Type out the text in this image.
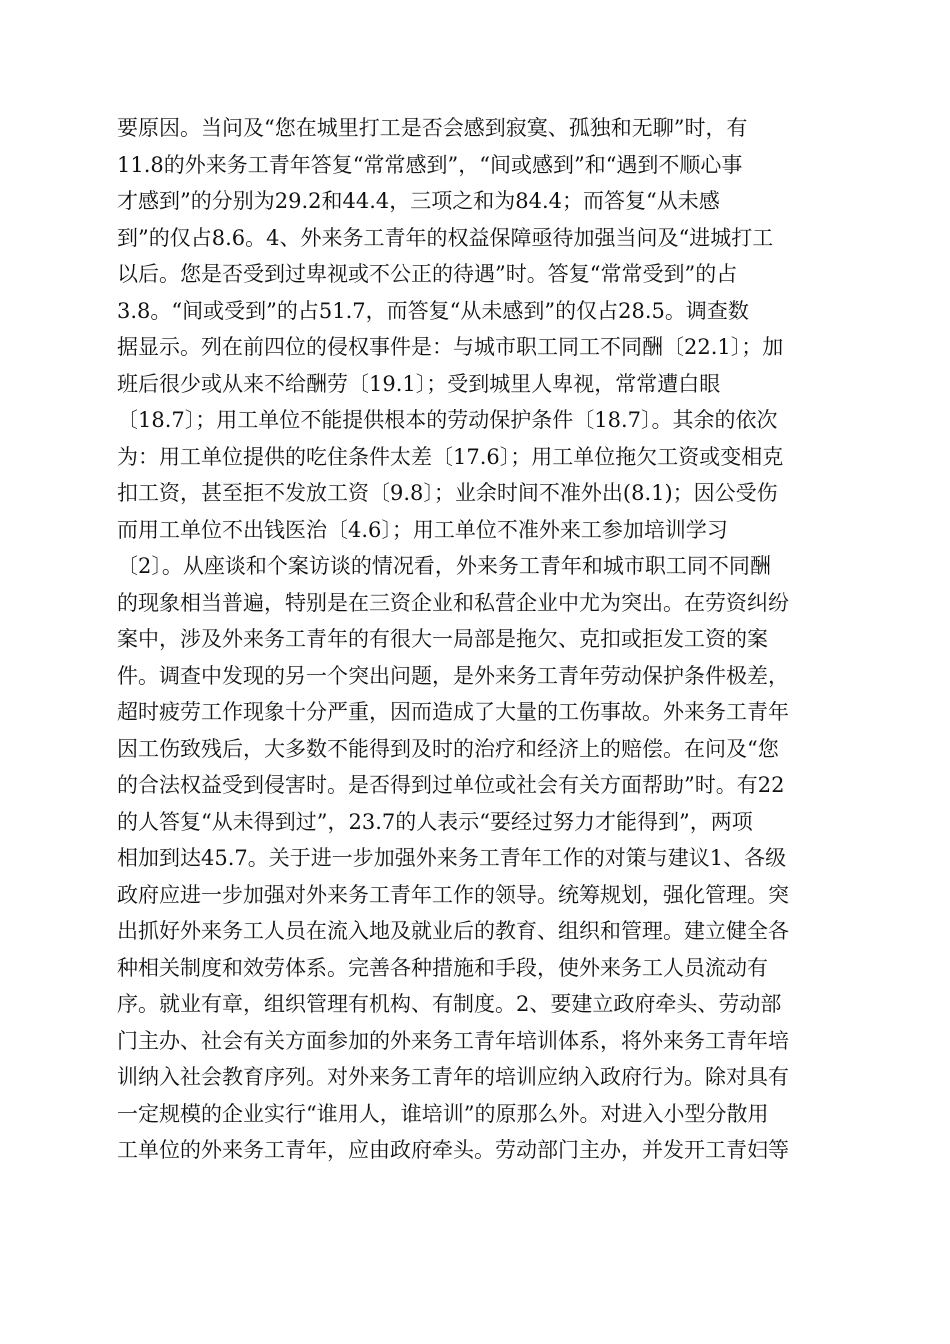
要原因。当问及“您在城里打工是否会感到寂寞、孤独和无聊”时，有
11.8的外来务工青年答复“常常感到”，“间或感到”和“遇到不顺心事
才感到”的分别为29.2和44.4，三项之和为84.4；而答复“从未感
到”的仅占8.6。4、外来务工青年的权益保障亟待加强当问及“进城打工
以后。您是否受到过卑视或不公正的待遇”时。答复“常常受到”的占
3.8。“间或受到”的占51.7，而答复“从未感到”的仅占28.5。调查数
据显示。列在前四位的侵权事件是：与城市职工同工不同酬〔22.1〕；加
班后很少或从来不给酬劳〔19.1〕；受到城里人卑视，常常遭白眼
〔18.7〕；用工单位不能提供根本的劳动保护条件〔18.7〕。其余的依次
为：用工单位提供的吃住条件太差〔17.6〕；用工单位拖欠工资或变相克
扣工资，甚至拒不发放工资〔9.8〕；业余时间不准外出(8.1)；因公受伤
而用工单位不出钱医治〔4.6〕；用工单位不准外来工参加培训学习
〔2〕。从座谈和个案访谈的情况看，外来务工青年和城市职工同不同酬
的现象相当普遍，特别是在三资企业和私营企业中尤为突出。在劳资纠纷
案中，涉及外来务工青年的有很大一局部是拖欠、克扣或拒发工资的案
件。调查中发现的另一个突出问题，是外来务工青年劳动保护条件极差，
超时疲劳工作现象十分严重，因而造成了大量的工伤事故。外来务工青年
因工伤致残后，大多数不能得到及时的治疗和经济上的赔偿。在问及“您
的合法权益受到侵害时。是否得到过单位或社会有关方面帮助”时。有22
的人答复“从未得到过”，23.7的人表示“要经过努力才能得到”，两项
相加到达45.7。关于进一步加强外来务工青年工作的对策与建议1、各级
政府应进一步加强对外来务工青年工作的领导。统筹规划，强化管理。突
出抓好外来务工人员在流入地及就业后的教育、组织和管理。建立健全各
种相关制度和效劳体系。完善各种措施和手段，使外来务工人员流动有
序。就业有章，组织管理有机构、有制度。2、要建立政府牵头、劳动部
门主办、社会有关方面参加的外来务工青年培训体系，将外来务工青年培
训纳入社会教育序列。对外来务工青年的培训应纳入政府行为。除对具有
一定规模的企业实行“谁用人，谁培训”的原那么外。对进入小型分散用
工单位的外来务工青年，应由政府牵头。劳动部门主办，并发开工青妇等
